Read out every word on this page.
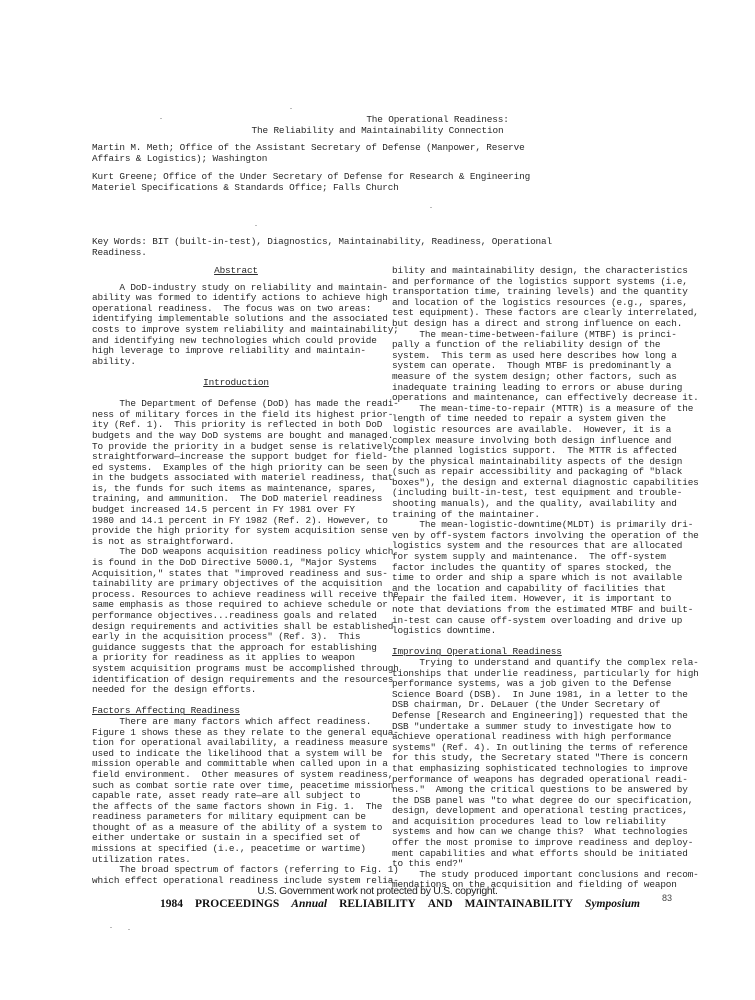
The Operational Readiness:
The Reliability and Maintainability Connection
Martin M. Meth; Office of the Assistant Secretary of Defense (Manpower, Reserve
Affairs & Logistics); Washington
Kurt Greene; Office of the Under Secretary of Defense for Research & Engineering
Materiel Specifications & Standards Office; Falls Church
Key Words: BIT (built-in-test), Diagnostics, Maintainability, Readiness, Operational
Readiness.
Abstract
A DoD-industry study on reliability and maintain-
ability was formed to identify actions to achieve high
operational readiness.  The focus was on two areas:
identifying implementable solutions and the associated
costs to improve system reliability and maintainability;
and identifying new technologies which could provide
high leverage to improve reliability and maintain-
ability.
Introduction
The Department of Defense (DoD) has made the readi-
ness of military forces in the field its highest prior-
ity (Ref. 1).  This priority is reflected in both DoD
budgets and the way DoD systems are bought and managed.
To provide the priority in a budget sense is relatively
straightforward—increase the support budget for field-
ed systems.  Examples of the high priority can be seen
in the budgets associated with materiel readiness, that
is, the funds for such items as maintenance, spares,
training, and ammunition.  The DoD materiel readiness
budget increased 14.5 percent in FY 1981 over FY
1980 and 14.1 percent in FY 1982 (Ref. 2). However, to
provide the high priority for system acquisition sense
is not as straightforward.
The DoD weapons acquisition readiness policy which
is found in the DoD Directive 5000.1, "Major Systems
Acquisition," states that "improved readiness and sus-
tainability are primary objectives of the acquisition
process. Resources to achieve readiness will receive the
same emphasis as those required to achieve schedule or
performance objectives...readiness goals and related
design requirements and activities shall be established
early in the acquisition process" (Ref. 3).  This
guidance suggests that the approach for establishing
a priority for readiness as it applies to weapon
system acquisition programs must be accomplished through
identification of design requirements and the resources
needed for the design efforts.
Factors Affecting Readiness
There are many factors which affect readiness.
Figure 1 shows these as they relate to the general equa-
tion for operational availability, a readiness measure
used to indicate the likelihood that a system will be
mission operable and committable when called upon in a
field environment.  Other measures of system readiness,
such as combat sortie rate over time, peacetime mission
capable rate, asset ready rate—are all subject to
the affects of the same factors shown in Fig. 1.  The
readiness parameters for military equipment can be
thought of as a measure of the ability of a system to
either undertake or sustain in a specified set of
missions at specified (i.e., peacetime or wartime)
utilization rates.
The broad spectrum of factors (referring to Fig. 1)
which effect operational readiness include system relia-
bility and maintainability design, the characteristics
and performance of the logistics support systems (i.e,
transportation time, training levels) and the quantity
and location of the logistics resources (e.g., spares,
test equipment). These factors are clearly interrelated,
but design has a direct and strong influence on each.
The mean-time-between-failure (MTBF) is princi-
pally a function of the reliability design of the
system.  This term as used here describes how long a
system can operate.  Though MTBF is predominantly a
measure of the system design; other factors, such as
inadequate training leading to errors or abuse during
operations and maintenance, can effectively decrease it.
The mean-time-to-repair (MTTR) is a measure of the
length of time needed to repair a system given the
logistic resources are available.  However, it is a
complex measure involving both design influence and
the planned logistics support.  The MTTR is affected
by the physical maintainability aspects of the design
(such as repair accessibility and packaging of "black
boxes"), the design and external diagnostic capabilities
(including built-in-test, test equipment and trouble-
shooting manuals), and the quality, availability and
training of the maintainer.
The mean-logistic-downtime(MLDT) is primarily dri-
ven by off-system factors involving the operation of the
logistics system and the resources that are allocated
for system supply and maintenance.  The off-system
factor includes the quantity of spares stocked, the
time to order and ship a spare which is not available
and the location and capability of facilities that
repair the failed item. However, it is important to
note that deviations from the estimated MTBF and built-
in-test can cause off-system overloading and drive up
logistics downtime.
Improving Operational Readiness
Trying to understand and quantify the complex rela-
tionships that underlie readiness, particularly for high
performance systems, was a job given to the Defense
Science Board (DSB).  In June 1981, in a letter to the
DSB chairman, Dr. DeLauer (the Under Secretary of
Defense [Research and Engineering]) requested that the
DSB "undertake a summer study to investigate how to
achieve operational readiness with high performance
systems" (Ref. 4). In outlining the terms of reference
for this study, the Secretary stated "There is concern
that emphasizing sophisticated technologies to improve
performance of weapons has degraded operational readi-
ness."  Among the critical questions to be answered by
the DSB panel was "to what degree do our specification,
design, development and operational testing practices,
and acquisition procedures lead to low reliability
systems and how can we change this?  What technologies
offer the most promise to improve readiness and deploy-
ment capabilities and what efforts should be initiated
to this end?"
The study produced important conclusions and recom-
mendations on the acquisition and fielding of weapon
U.S. Government work not protected by U.S. copyright.
1984 PROCEEDINGS Annual RELIABILITY AND MAINTAINABILITY Symposium 83
